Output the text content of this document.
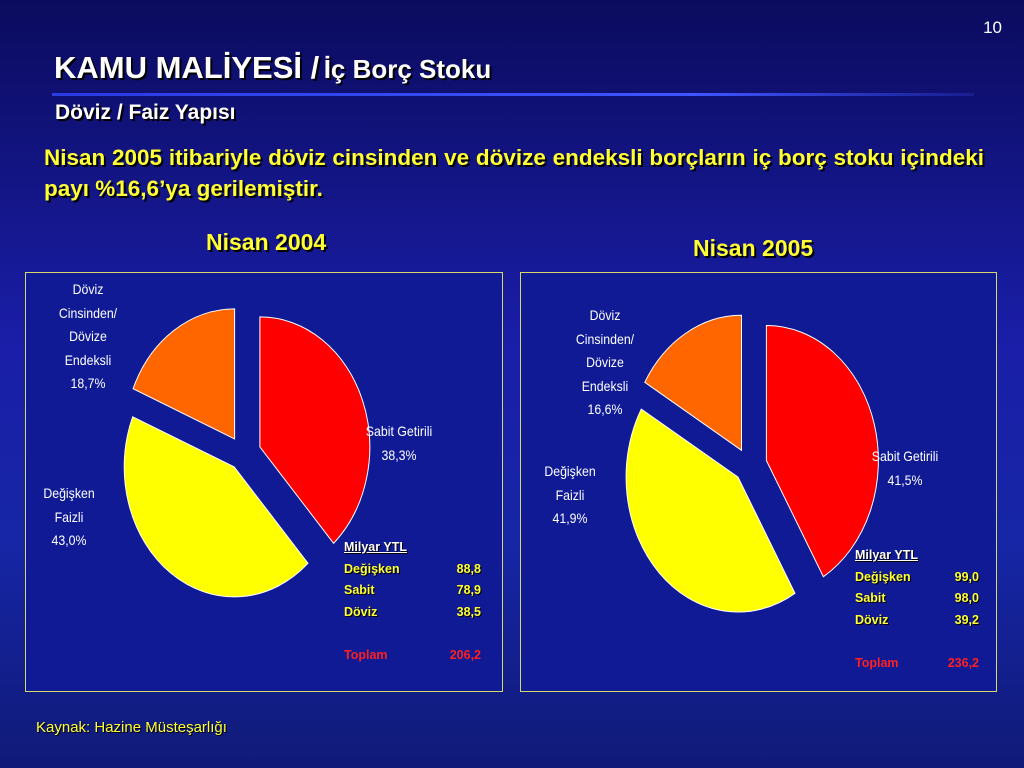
10
KAMU MALİYESİ / İç Borç Stoku
Döviz / Faiz Yapısı
Nisan 2005 itibariyle döviz cinsinden ve dövize endeksli borçların iç borç stoku içindeki payı %16,6’ya gerilemiştir.
Nisan 2004	Nisan 2005
Döviz
Cinsinden/
Dövize
Endeksli
18,7%
Sabit Getirili
38,3%
Değişken
Faizli
43,0%	Milyar YTL
Değişken	88,8
Sabit	78,9
Döviz	38,5
Toplam	206,2
Döviz
Cinsinden/
Dövize
Endeksli
16,6%
Sabit Getirili
41,5%
Değişken
Faizli
41,9%
Milyar YTL
Değişken	99,0
Sabit	98,0
Döviz	39,2
Toplam	236,2
Kaynak: Hazine Müsteşarlığı
